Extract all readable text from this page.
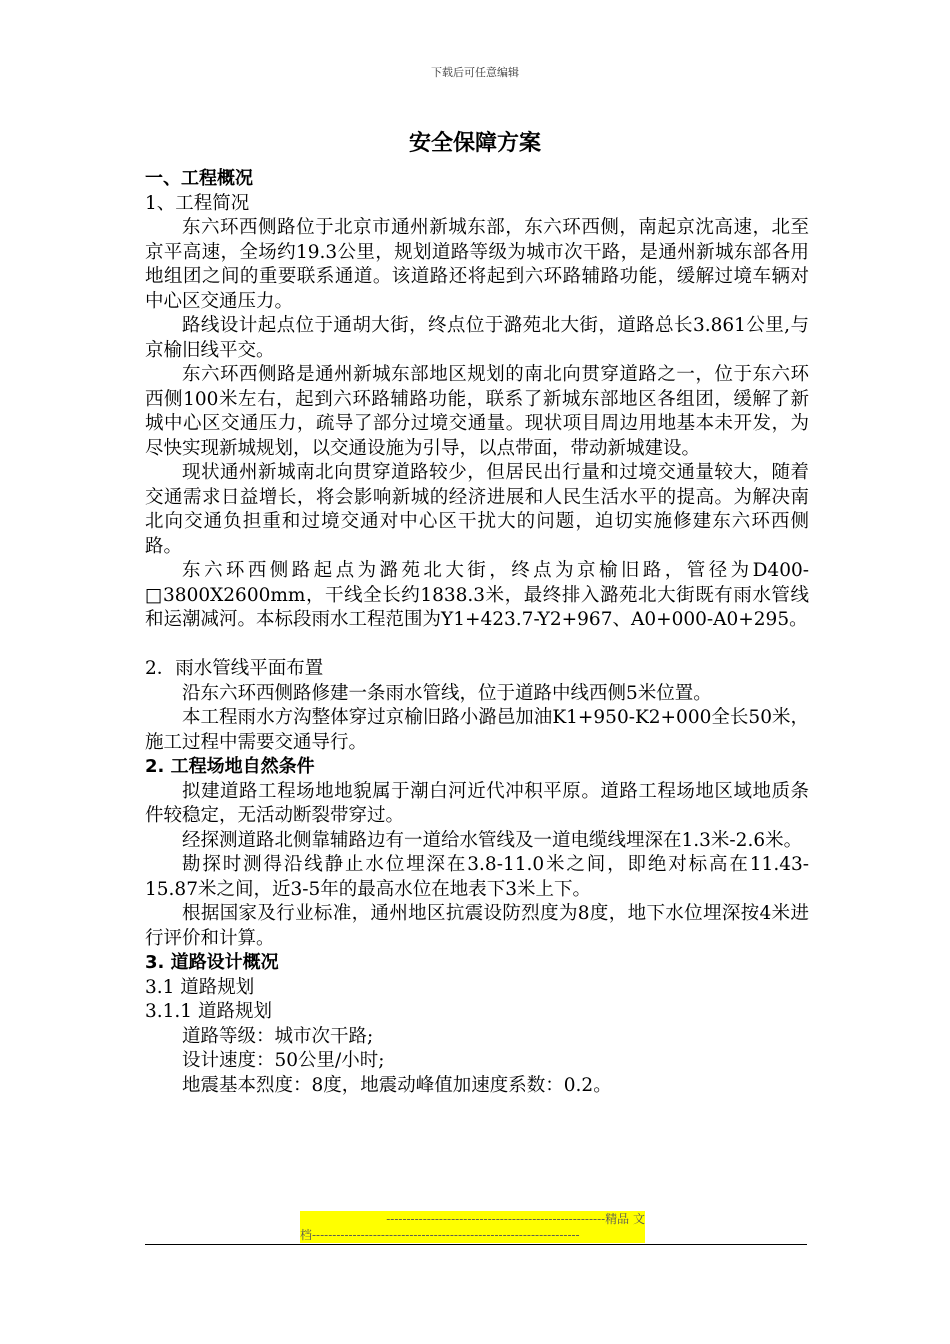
下载后可任意编辑
安全保障方案

一、工程概况

1、工程简况

东六环西侧路位于北京市通州新城东部，东六环西侧，南起京沈高速，北至京平高速，全场约19.3公里，规划道路等级为城市次干路，是通州新城东部各用地组团之间的重要联系通道。该道路还将起到六环路辅路功能，缓解过境车辆对中心区交通压力。

路线设计起点位于通胡大街，终点位于潞苑北大街，道路总长3.861公里,与京榆旧线平交。

东六环西侧路是通州新城东部地区规划的南北向贯穿道路之一，位于东六环西侧100米左右，起到六环路辅路功能，联系了新城东部地区各组团，缓解了新城中心区交通压力，疏导了部分过境交通量。现状项目周边用地基本未开发，为尽快实现新城规划，以交通设施为引导，以点带面，带动新城建设。

现状通州新城南北向贯穿道路较少，但居民出行量和过境交通量较大，随着交通需求日益增长，将会影响新城的经济进展和人民生活水平的提高。为解决南北向交通负担重和过境交通对中心区干扰大的问题，迫切实施修建东六环西侧路。

东六环西侧路起点为潞苑北大街，终点为京榆旧路，管径为D400-□3800X2600mm，干线全长约1838.3米，最终排入潞苑北大街既有雨水管线和运潮减河。本标段雨水工程范围为Y1+423.7-Y2+967、A0+000-A0+295。

2．雨水管线平面布置

沿东六环西侧路修建一条雨水管线，位于道路中线西侧5米位置。

本工程雨水方沟整体穿过京榆旧路小潞邑加油K1+950-K2+000全长50米，施工过程中需要交通导行。

2. 工程场地自然条件

拟建道路工程场地地貌属于潮白河近代冲积平原。道路工程场地区域地质条件较稳定，无活动断裂带穿过。

经探测道路北侧靠辅路边有一道给水管线及一道电缆线埋深在1.3米-2.6米。

勘探时测得沿线静止水位埋深在3.8-11.0米之间，即绝对标高在11.43-15.87米之间，近3-5年的最高水位在地表下3米上下。

根据国家及行业标准，通州地区抗震设防烈度为8度，地下水位埋深按4米进行评价和计算。

3. 道路设计概况

3.1 道路规划

3.1.1 道路规划

道路等级：城市次干路;

设计速度：50公里/小时;

地震基本烈度：8度，地震动峰值加速度系数：0.2。

------------------------------------------------------精品 文
档------------------------------------------------------------------
